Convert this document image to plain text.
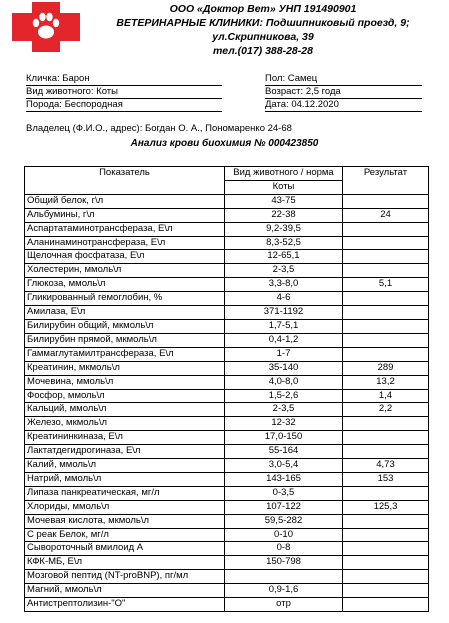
ООО «Доктор Вет» УНП 191490901
ВЕТЕРИНАРНЫЕ КЛИНИКИ: Подшипниковый проезд, 9;
ул.Скрипникова, 39
тел.(017) 388-28-28
Кличка: Барон	Пол: Самец
Вид животного: Коты	Возраст: 2,5 года
Порода: Беспородная	Дата: 04.12.2020
Владелец (Ф.И.О., адрес): Богдан О. А., Пономаренко 24-68
Анализ крови биохимия № 000423850
Показатель	Вид животного / норма	Результат
	Коты	
Общий белок, г\л	43-75	
Альбумины, г\л	22-38	24
Аспартатаминотрансфераза, Е\л	9,2-39,5	
Аланинаминотрансфераза, Е\л	8,3-52,5	
Щелочная фосфатаза, Е\л	12-65,1	
Холестерин, ммоль\л	2-3,5	
Глюкоза, ммоль\л	3,3-8,0	5,1
Гликированный гемоглобин, %	4-6	
Амилаза, Е\л	371-1192	
Билирубин общий, мкмоль\л	1,7-5,1	
Билирубин прямой, мкмоль\л	0,4-1,2	
Гаммаглутамилтрансфераза, Е\л	1-7	
Креатинин, мкмоль\л	35-140	289
Мочевина, ммоль\л	4,0-8,0	13,2
Фосфор, ммоль\л	1,5-2,6	1,4
Кальций, ммоль\л	2-3,5	2,2
Железо, мкмоль\л	12-32	
Креатининкиназа, Е\л	17,0-150	
Лактатдегидрогиназа, Е\л	55-164	
Калий, ммоль\л	3,0-5,4	4,73
Натрий, ммоль\л	143-165	153
Липаза панкреатическая, мг/л	0-3,5	
Хлориды, ммоль\л	107-122	125,3
Мочевая кислота, мкмоль\л	59,5-282	
С реак Белок, мг/л	0-10	
Сывороточный вмилоид А	0-8	
КФК-МБ, Е\л	150-798	
Мозговой пептид (NT-proBNP), пг/мл		
Магний, ммоль\л	0,9-1,6	
Антистрептолизин-"О"	отр	
